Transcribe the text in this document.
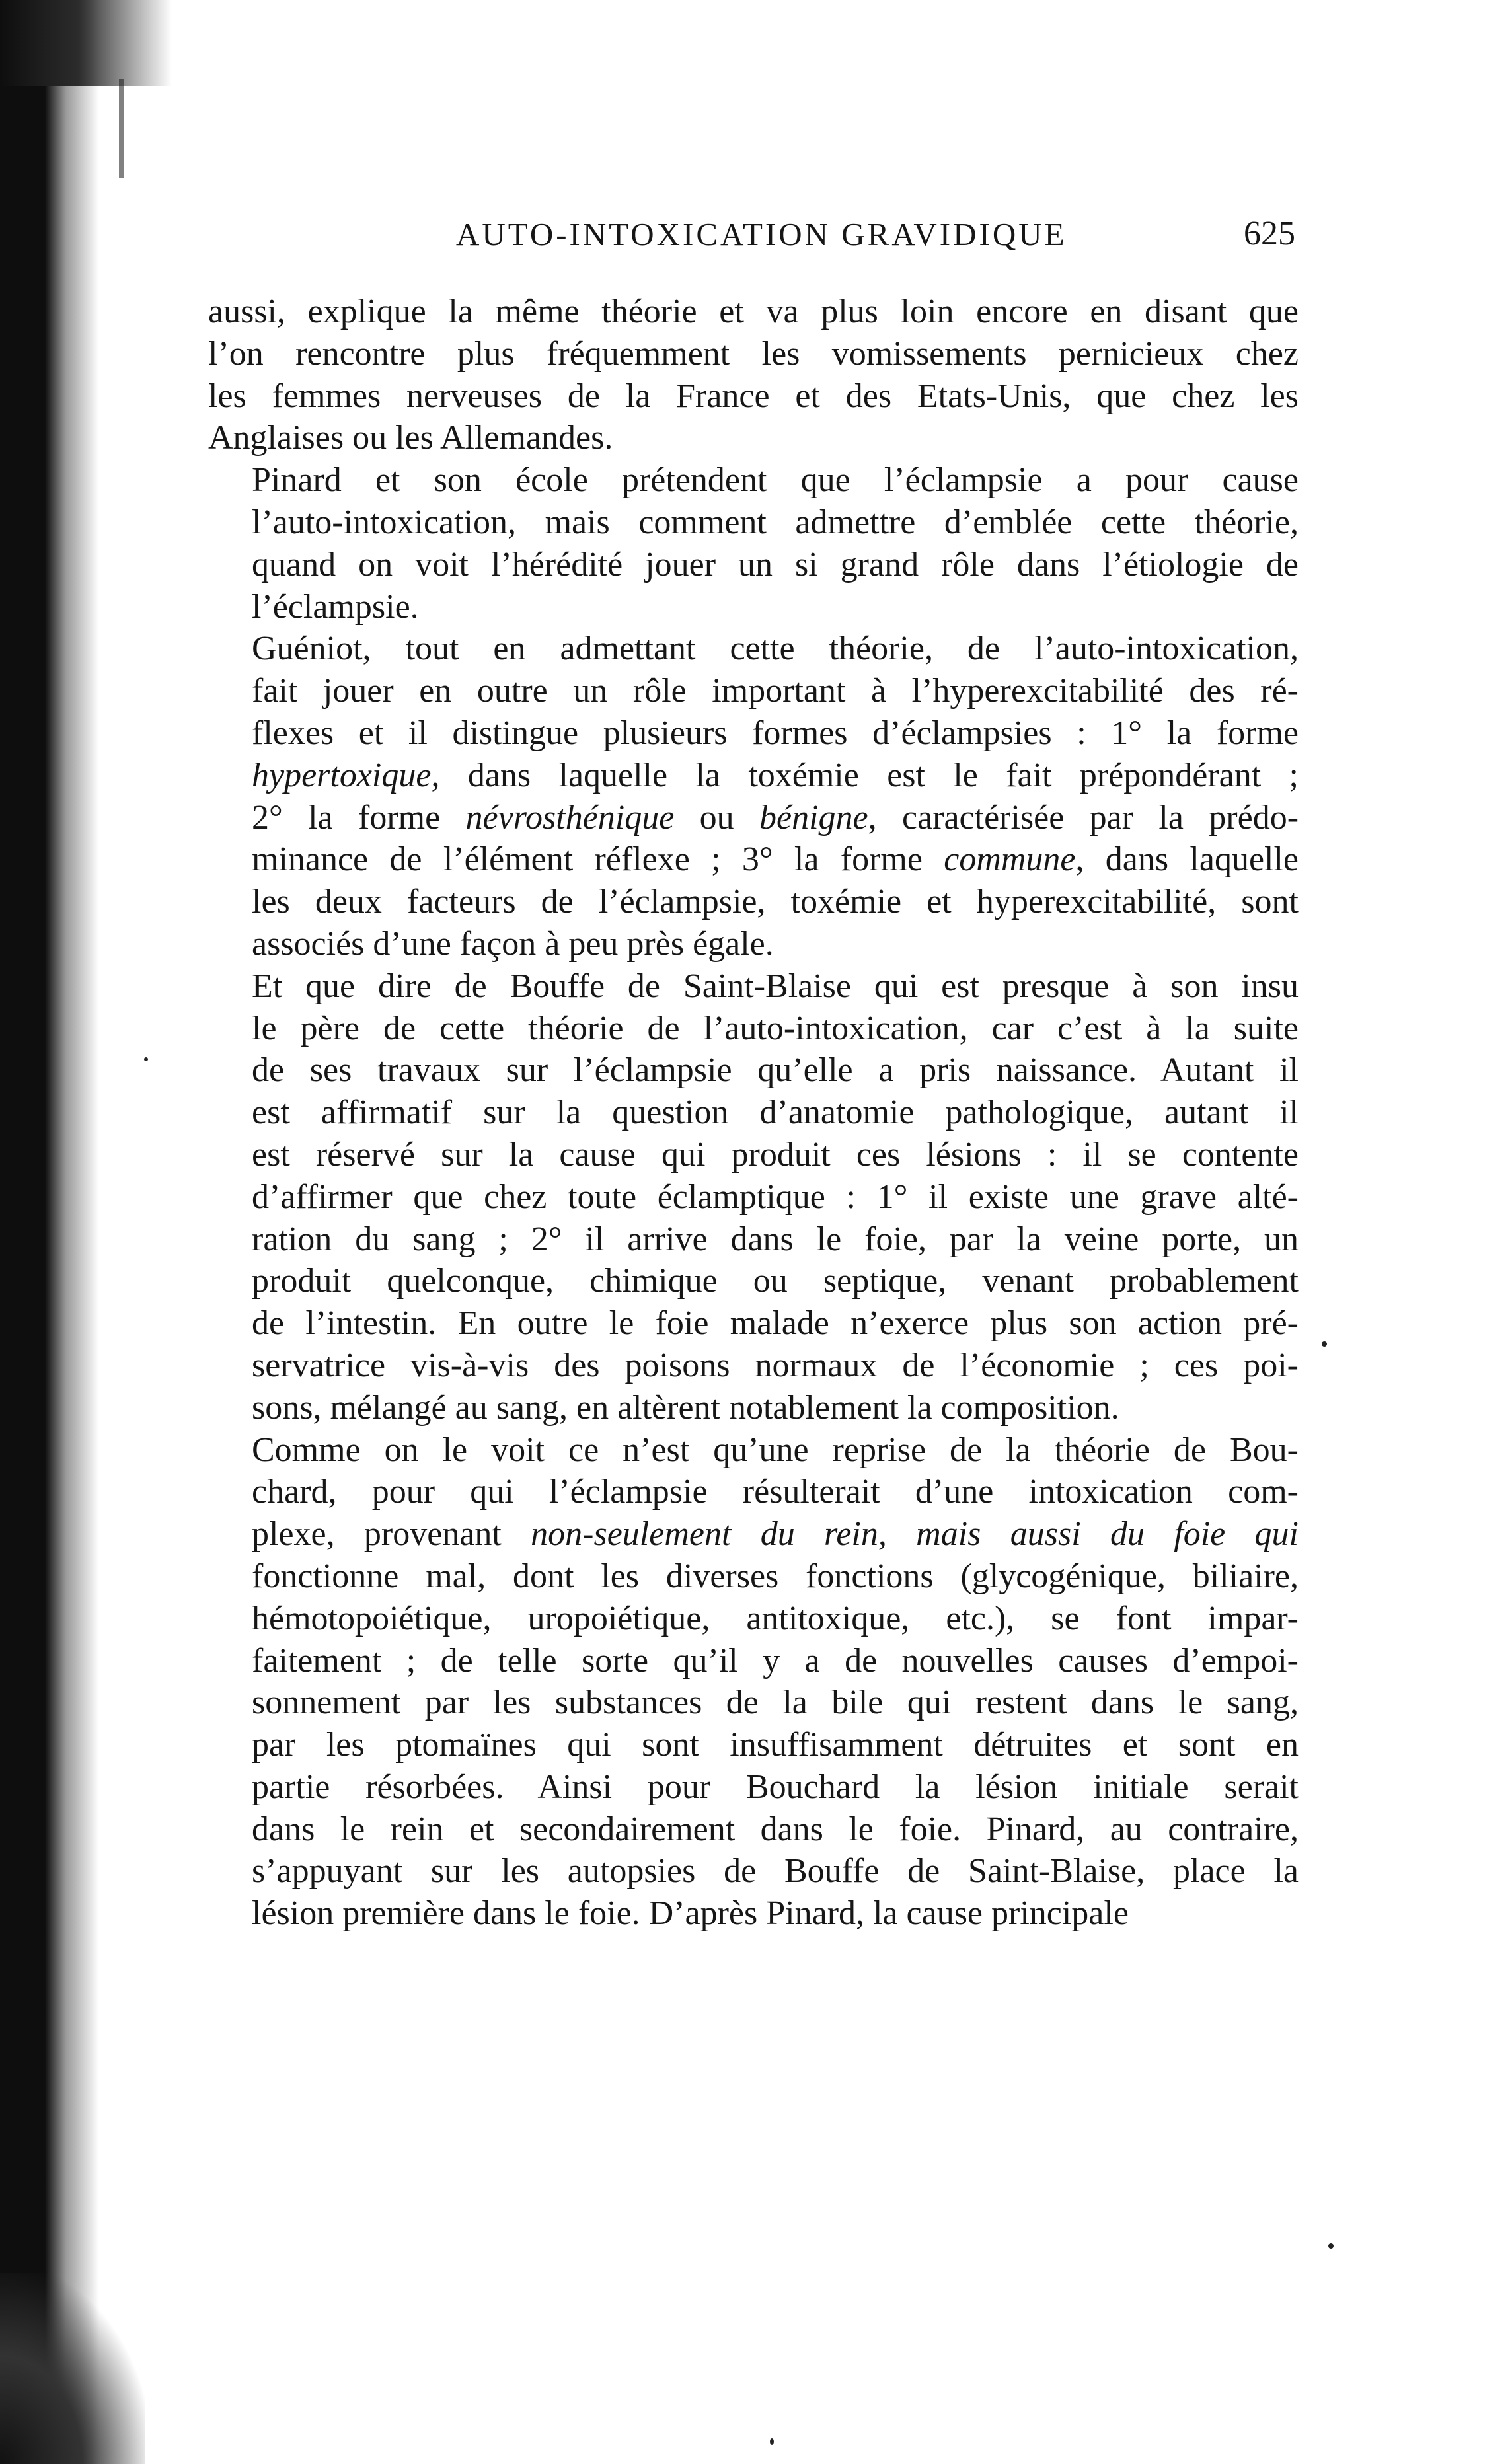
AUTO-INTOXICATION GRAVIDIQUE	625

aussi, explique la même théorie et va plus loin encore en disant que
l’on rencontre plus fréquemment les vomissements pernicieux chez
les femmes nerveuses de la France et des Etats-Unis, que chez les
Anglaises ou les Allemandes.

Pinard et son école prétendent que l’éclampsie a pour cause
l’auto-intoxication, mais comment admettre d’emblée cette théorie,
quand on voit l’hérédité jouer un si grand rôle dans l’étiologie de
l’éclampsie.

Guéniot, tout en admettant cette théorie, de l’auto-intoxication,
fait jouer en outre un rôle important à l’hyperexcitabilité des ré-
flexes et il distingue plusieurs formes d’éclampsies : 1° la forme
hypertoxique, dans laquelle la toxémie est le fait prépondérant ;
2° la forme névrosthénique ou bénigne, caractérisée par la prédo-
minance de l’élément réflexe ; 3° la forme commune, dans laquelle
les deux facteurs de l’éclampsie, toxémie et hyperexcitabilité, sont
associés d’une façon à peu près égale.

Et que dire de Bouffe de Saint-Blaise qui est presque à son insu
le père de cette théorie de l’auto-intoxication, car c’est à la suite
de ses travaux sur l’éclampsie qu’elle a pris naissance. Autant il
est affirmatif sur la question d’anatomie pathologique, autant il
est réservé sur la cause qui produit ces lésions : il se contente
d’affirmer que chez toute éclamptique : 1° il existe une grave alté-
ration du sang ; 2° il arrive dans le foie, par la veine porte, un
produit quelconque, chimique ou septique, venant probablement
de l’intestin. En outre le foie malade n’exerce plus son action pré-
servatrice vis-à-vis des poisons normaux de l’économie ; ces poi-
sons, mélangé au sang, en altèrent notablement la composition.

Comme on le voit ce n’est qu’une reprise de la théorie de Bou-
chard, pour qui l’éclampsie résulterait d’une intoxication com-
plexe, provenant non-seulement du rein, mais aussi du foie qui
fonctionne mal, dont les diverses fonctions (glycogénique, biliaire,
hémotopoiétique, uropoiétique, antitoxique, etc.), se font impar-
faitement ; de telle sorte qu’il y a de nouvelles causes d’empoi-
sonnement par les substances de la bile qui restent dans le sang,
par les ptomaïnes qui sont insuffisamment détruites et sont en
partie résorbées. Ainsi pour Bouchard la lésion initiale serait
dans le rein et secondairement dans le foie. Pinard, au contraire,
s’appuyant sur les autopsies de Bouffe de Saint-Blaise, place la
lésion première dans le foie. D’après Pinard, la cause principale
